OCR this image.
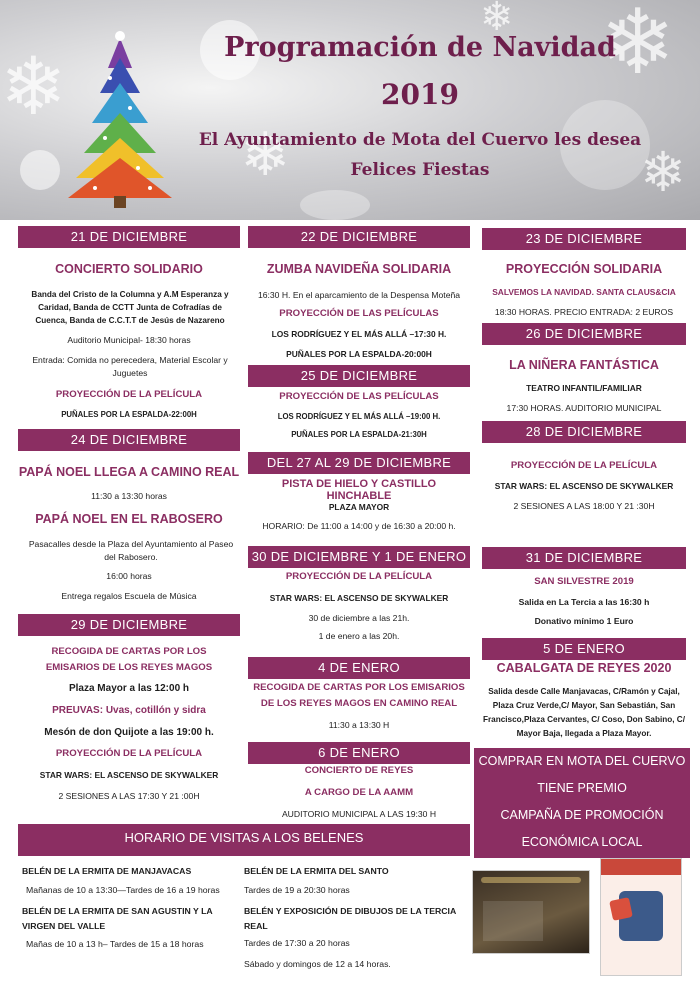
❄
❄
❄	❄
❄
Programación de Navidad
2019
El Ayuntamiento de Mota del Cuervo les desea
Felices Fiestas
21 DE DICIEMBRE
CONCIERTO SOLIDARIO
Banda del Cristo de la Columna y A.M Esperanza y Caridad, Banda de CCTT Junta de Cofradías de Cuenca, Banda de C.C.T.T de Jesús de Nazareno
Auditorio Municipal- 18:30 horas
Entrada: Comida no perecedera, Material Escolar y Juguetes
PROYECCIÓN DE LA PELÍCULA
PUÑALES POR LA ESPALDA-22:00H
24 DE DICIEMBRE
PAPÁ NOEL LLEGA A CAMINO REAL
11:30 a 13:30 horas
PAPÁ NOEL EN EL RABOSERO
Pasacalles desde la Plaza del Ayuntamiento al Paseo del Rabosero.
16:00 horas
Entrega regalos Escuela de Música
29 DE DICIEMBRE
RECOGIDA DE CARTAS POR LOS EMISARIOS DE LOS REYES MAGOS
Plaza Mayor a las 12:00 h
PREUVAS: Uvas, cotillón y sidra
Mesón de don Quijote a las 19:00 h.
PROYECCIÓN DE LA PELÍCULA
STAR WARS: EL ASCENSO DE SKYWALKER
2 SESIONES A LAS 17:30 Y 21 :00H
22 DE DICIEMBRE
ZUMBA NAVIDEÑA SOLIDARIA
16:30 H. En el aparcamiento de la Despensa Moteña
PROYECCIÓN DE LAS PELÍCULAS
LOS RODRÍGUEZ Y EL MÁS ALLÁ –17:30 H.
PUÑALES POR LA ESPALDA-20:00H
25 DE DICIEMBRE
PROYECCIÓN DE LAS PELÍCULAS
LOS RODRÍGUEZ Y EL MÁS ALLÁ –19:00 H.
PUÑALES POR LA ESPALDA-21:30H
DEL 27 AL 29 DE DICIEMBRE
PISTA DE HIELO Y CASTILLO HINCHABLE
PLAZA MAYOR
HORARIO: De 11:00 a 14:00 y de 16:30 a 20:00 h.
30 DE DICIEMBRE Y 1 DE ENERO
PROYECCIÓN DE LA PELÍCULA
STAR WARS: EL ASCENSO DE SKYWALKER
30 de diciembre a las 21h.
1 de enero a las 20h.
4 DE ENERO
RECOGIDA DE CARTAS POR LOS EMISARIOS DE LOS REYES MAGOS EN CAMINO REAL
11:30 a 13:30 H
6 DE ENERO
CONCIERTO DE REYES
A CARGO DE LA AAMM
AUDITORIO MUNICIPAL A LAS 19:30 H
23 DE DICIEMBRE
PROYECCIÓN SOLIDARIA
SALVEMOS LA NAVIDAD. SANTA CLAUS&CIA
18:30 HORAS. PRECIO ENTRADA: 2 EUROS
26 DE DICIEMBRE
LA NIÑERA FANTÁSTICA
TEATRO INFANTIL/FAMILIAR
17:30 HORAS. AUDITORIO MUNICIPAL
28 DE DICIEMBRE
PROYECCIÓN DE LA PELÍCULA
STAR WARS: EL ASCENSO DE SKYWALKER
2 SESIONES A LAS 18:00 Y 21 :30H
31 DE DICIEMBRE
SAN SILVESTRE 2019
Salida en La Tercia a las 16:30 h
Donativo mínimo 1 Euro
5 DE ENERO
CABALGATA DE REYES 2020
Salida desde Calle Manjavacas, C/Ramón y Cajal, Plaza Cruz Verde,C/ Mayor, San Sebastián, San Francisco,Plaza Cervantes, C/ Coso, Don Sabino, C/ Mayor Baja, llegada a Plaza Mayor.
COMPRAR EN MOTA DEL CUERVO
TIENE PREMIO
CAMPAÑA DE PROMOCIÓN
ECONÓMICA LOCAL
HORARIO DE VISITAS A LOS BELENES
BELÉN DE LA ERMITA DE MANJAVACAS
Mañanas de 10 a 13:30—Tardes de 16 a 19 horas
BELÉN DE LA ERMITA DE SAN AGUSTIN Y LA VIRGEN DEL VALLE
Mañas de 10 a 13 h– Tardes de 15 a 18 horas
BELÉN DE LA ERMITA DEL SANTO
Tardes de 19 a 20:30 horas
BELÉN Y EXPOSICIÓN DE DIBUJOS DE LA TERCIA REAL
Tardes de 17:30 a 20 horas
Sábado y domingos de 12 a 14 horas.
